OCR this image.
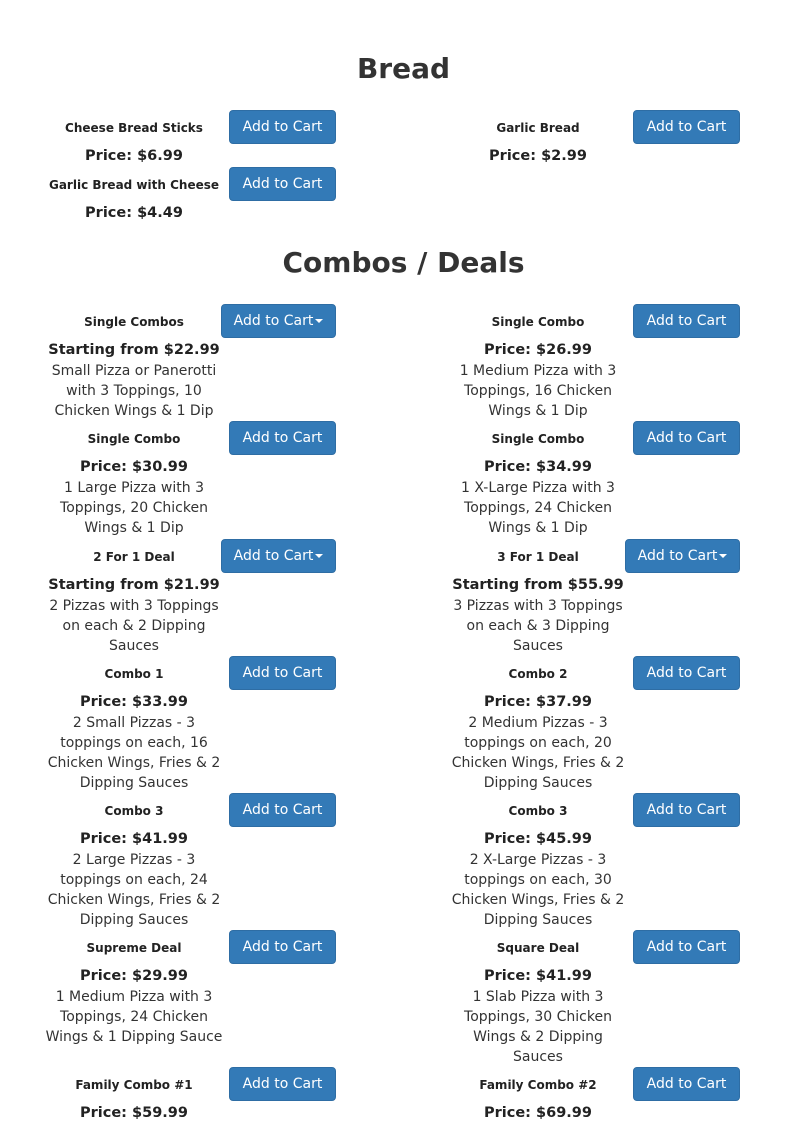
Bread
Cheese Bread Sticks	Add to Cart
Price: $6.99
Garlic Bread	Add to Cart
Price: $2.99
Garlic Bread with Cheese	Add to Cart
Price: $4.49
Combos / Deals
Single Combos	Add to Cart
Starting from $22.99
Small Pizza or Panerotti with 3 Toppings, 10 Chicken Wings & 1 Dip
Single Combo	Add to Cart
Price: $26.99
1 Medium Pizza with 3 Toppings, 16 Chicken Wings & 1 Dip
Single Combo	Add to Cart
Price: $30.99
1 Large Pizza with 3 Toppings, 20 Chicken Wings & 1 Dip
Single Combo	Add to Cart
Price: $34.99
1 X-Large Pizza with 3 Toppings, 24 Chicken Wings & 1 Dip
2 For 1 Deal	Add to Cart
Starting from $21.99
2 Pizzas with 3 Toppings on each & 2 Dipping Sauces
3 For 1 Deal	Add to Cart
Starting from $55.99
3 Pizzas with 3 Toppings on each & 3 Dipping Sauces
Combo 1	Add to Cart
Price: $33.99
2 Small Pizzas - 3 toppings on each, 16 Chicken Wings, Fries & 2 Dipping Sauces
Combo 2	Add to Cart
Price: $37.99
2 Medium Pizzas - 3 toppings on each, 20 Chicken Wings, Fries & 2 Dipping Sauces
Combo 3	Add to Cart
Price: $41.99
2 Large Pizzas - 3 toppings on each, 24 Chicken Wings, Fries & 2 Dipping Sauces
Combo 3	Add to Cart
Price: $45.99
2 X-Large Pizzas - 3 toppings on each, 30 Chicken Wings, Fries & 2 Dipping Sauces
Supreme Deal	Add to Cart
Price: $29.99
1 Medium Pizza with 3 Toppings, 24 Chicken Wings & 1 Dipping Sauce
Square Deal	Add to Cart
Price: $41.99
1 Slab Pizza with 3 Toppings, 30 Chicken Wings & 2 Dipping Sauces
Family Combo #1	Add to Cart
Price: $59.99
Family Combo #2	Add to Cart
Price: $69.99
